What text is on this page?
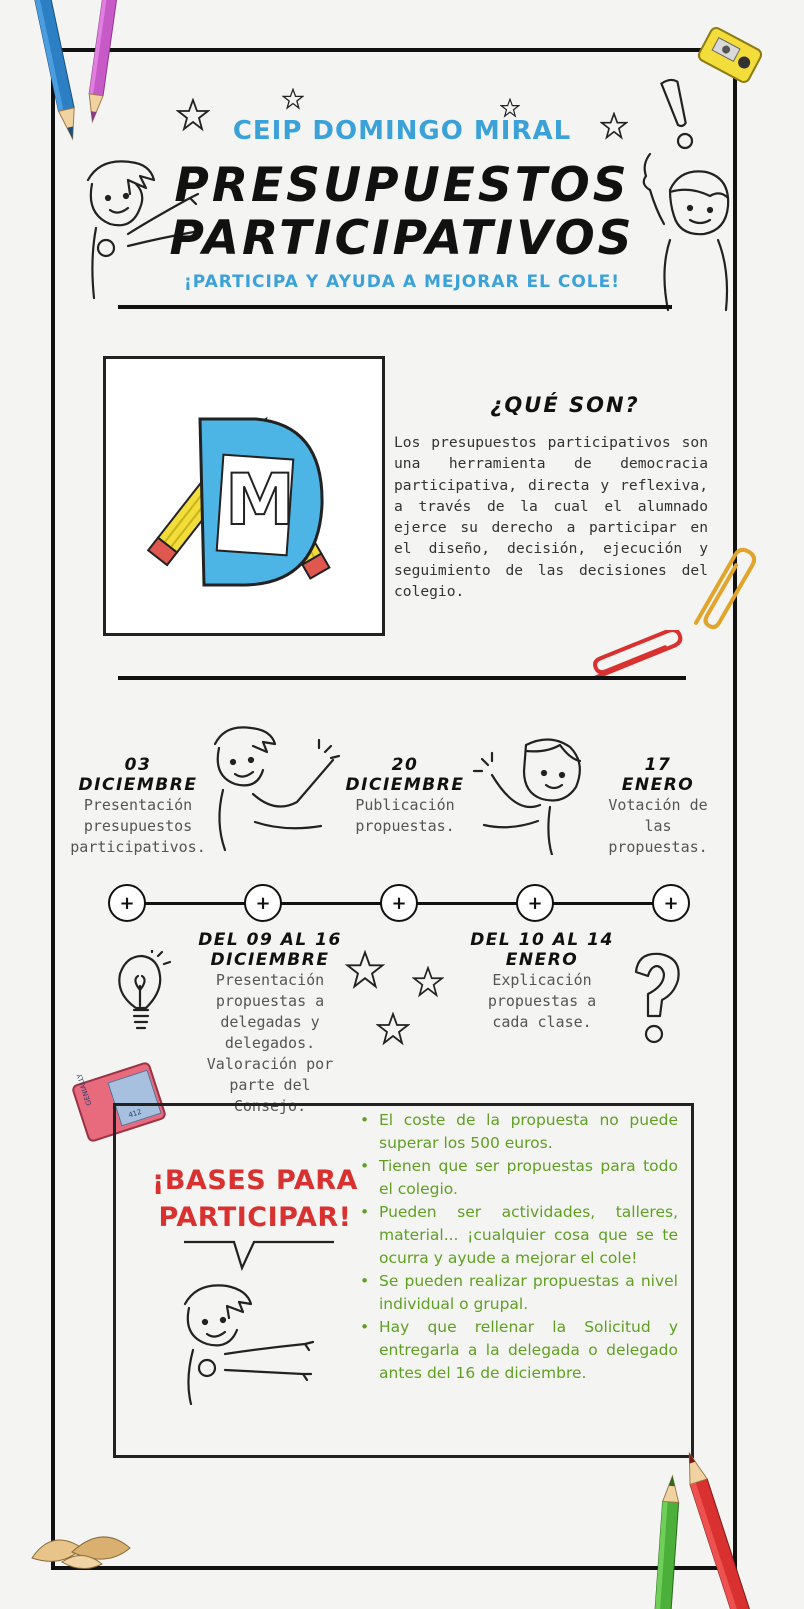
CEIP DOMINGO MIRAL
PRESUPUESTOS
PARTICIPATIVOS
¡PARTICIPA Y AYUDA A MEJORAR EL COLE!
M
¿QUÉ SON?
Los presupuestos participativos son una herramienta de democracia participativa, directa y reflexiva, a través de la cual el alumnado ejerce su derecho a participar en el diseño, decisión, ejecución y seguimiento de las decisiones del colegio.
03
DICIEMBRE
Presentación presupuestos participativos.
20
DICIEMBRE
Publicación propuestas.
17
ENERO
Votación de las propuestas.
+	+	+	+	+
DEL 09 AL 16
DICIEMBRE
Presentación propuestas a delegadas y delegados. Valoración por parte del Consejo.
DEL 10 AL 14
ENERO
Explicación propuestas a cada clase.
GENIALLY
412
¡BASES PARA PARTICIPAR!
• El coste de la propuesta no puede superar los 500 euros.
• Tienen que ser propuestas para todo el colegio.
• Pueden ser actividades, talleres, material... ¡cualquier cosa que se te ocurra y ayude a mejorar el cole!
• Se pueden realizar propuestas a nivel individual o grupal.
• Hay que rellenar la Solicitud y entregarla a la delegada o delegado antes del 16 de diciembre.
